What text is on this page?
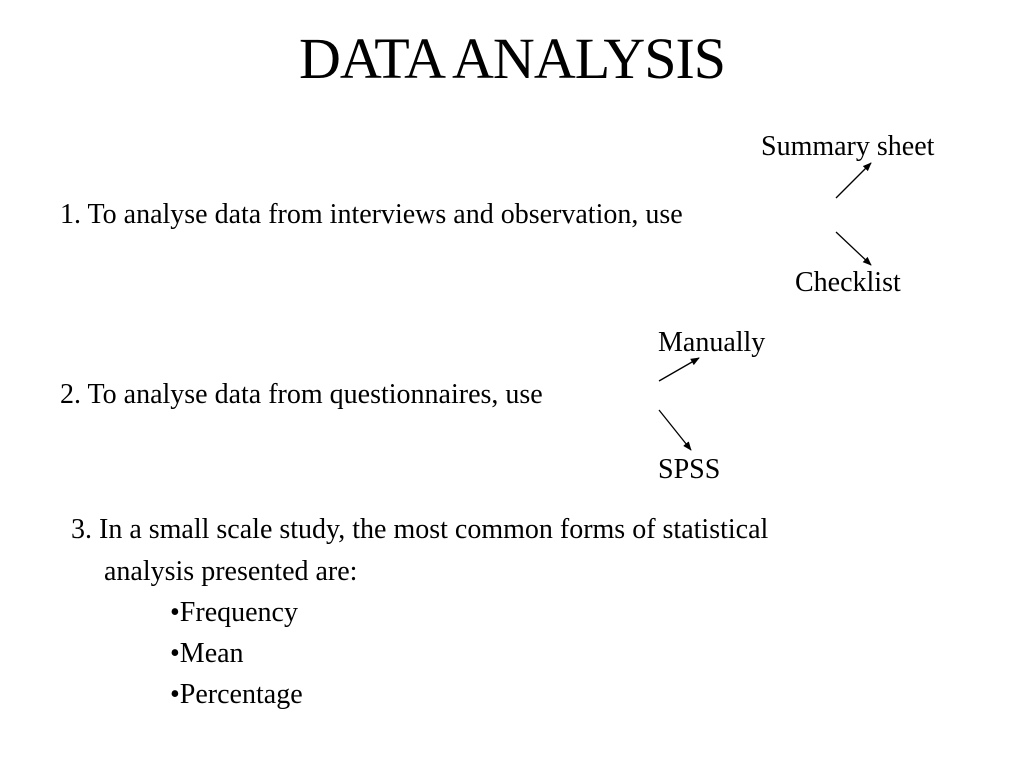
DATA ANALYSIS
1. To analyse data from interviews and observation, use
Summary sheet
Checklist
2. To analyse data from questionnaires, use
Manually
SPSS
3. In a small scale study, the most common forms of statistical
analysis presented are:
•Frequency
•Mean
•Percentage
